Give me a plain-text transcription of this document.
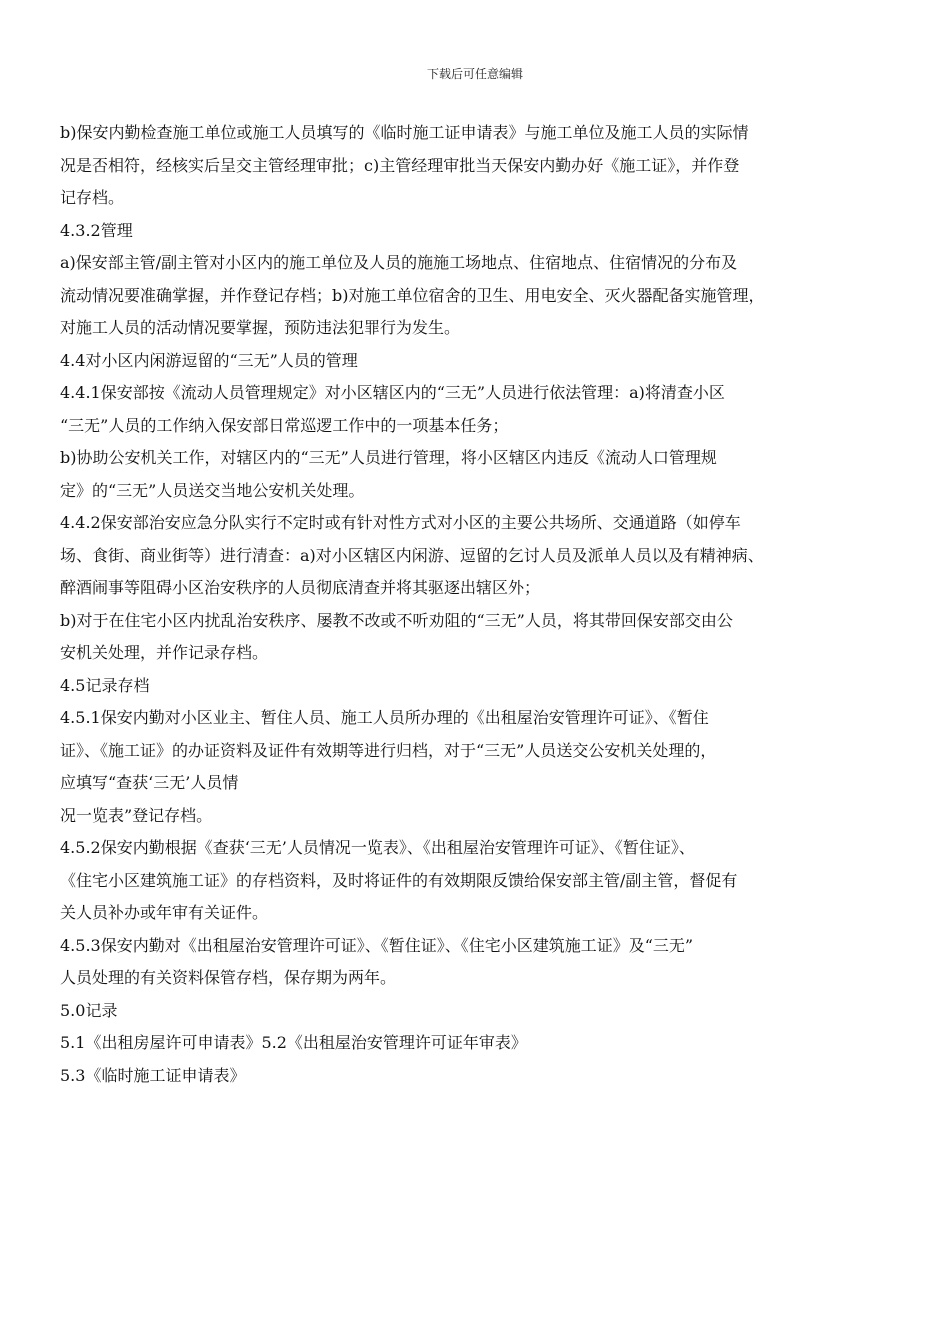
下载后可任意编辑
b)保安内勤检查施工单位或施工人员填写的《临时施工证申请表》与施工单位及施工人员的实际情
况是否相符，经核实后呈交主管经理审批；c)主管经理审批当天保安内勤办好《施工证》，并作登
记存档。
4.3.2管理
a)保安部主管/副主管对小区内的施工单位及人员的施施工场地点、住宿地点、住宿情况的分布及
流动情况要准确掌握，并作登记存档；b)对施工单位宿舍的卫生、用电安全、灭火器配备实施管理，
对施工人员的活动情况要掌握，预防违法犯罪行为发生。
4.4对小区内闲游逗留的“三无”人员的管理
4.4.1保安部按《流动人员管理规定》对小区辖区内的“三无”人员进行依法管理：a)将清查小区
“三无”人员的工作纳入保安部日常巡逻工作中的一项基本任务；
b)协助公安机关工作，对辖区内的“三无”人员进行管理，将小区辖区内违反《流动人口管理规
定》的“三无”人员送交当地公安机关处理。
4.4.2保安部治安应急分队实行不定时或有针对性方式对小区的主要公共场所、交通道路（如停车
场、食街、商业街等）进行清查：a)对小区辖区内闲游、逗留的乞讨人员及派单人员以及有精神病、
醉酒闹事等阻碍小区治安秩序的人员彻底清查并将其驱逐出辖区外；
b)对于在住宅小区内扰乱治安秩序、屡教不改或不听劝阻的“三无”人员，将其带回保安部交由公
安机关处理，并作记录存档。
4.5记录存档
4.5.1保安内勤对小区业主、暂住人员、施工人员所办理的《出租屋治安管理许可证》、《暂住
证》、《施工证》的办证资料及证件有效期等进行归档，对于“三无”人员送交公安机关处理的，
应填写“查获‘三无’人员情
况一览表”登记存档。
4.5.2保安内勤根据《查获‘三无’人员情况一览表》、《出租屋治安管理许可证》、《暂住证》、
《住宅小区建筑施工证》的存档资料，及时将证件的有效期限反馈给保安部主管/副主管，督促有
关人员补办或年审有关证件。
4.5.3保安内勤对《出租屋治安管理许可证》、《暂住证》、《住宅小区建筑施工证》及“三无”
人员处理的有关资料保管存档，保存期为两年。
5.0记录
5.1《出租房屋许可申请表》5.2《出租屋治安管理许可证年审表》
5.3《临时施工证申请表》
